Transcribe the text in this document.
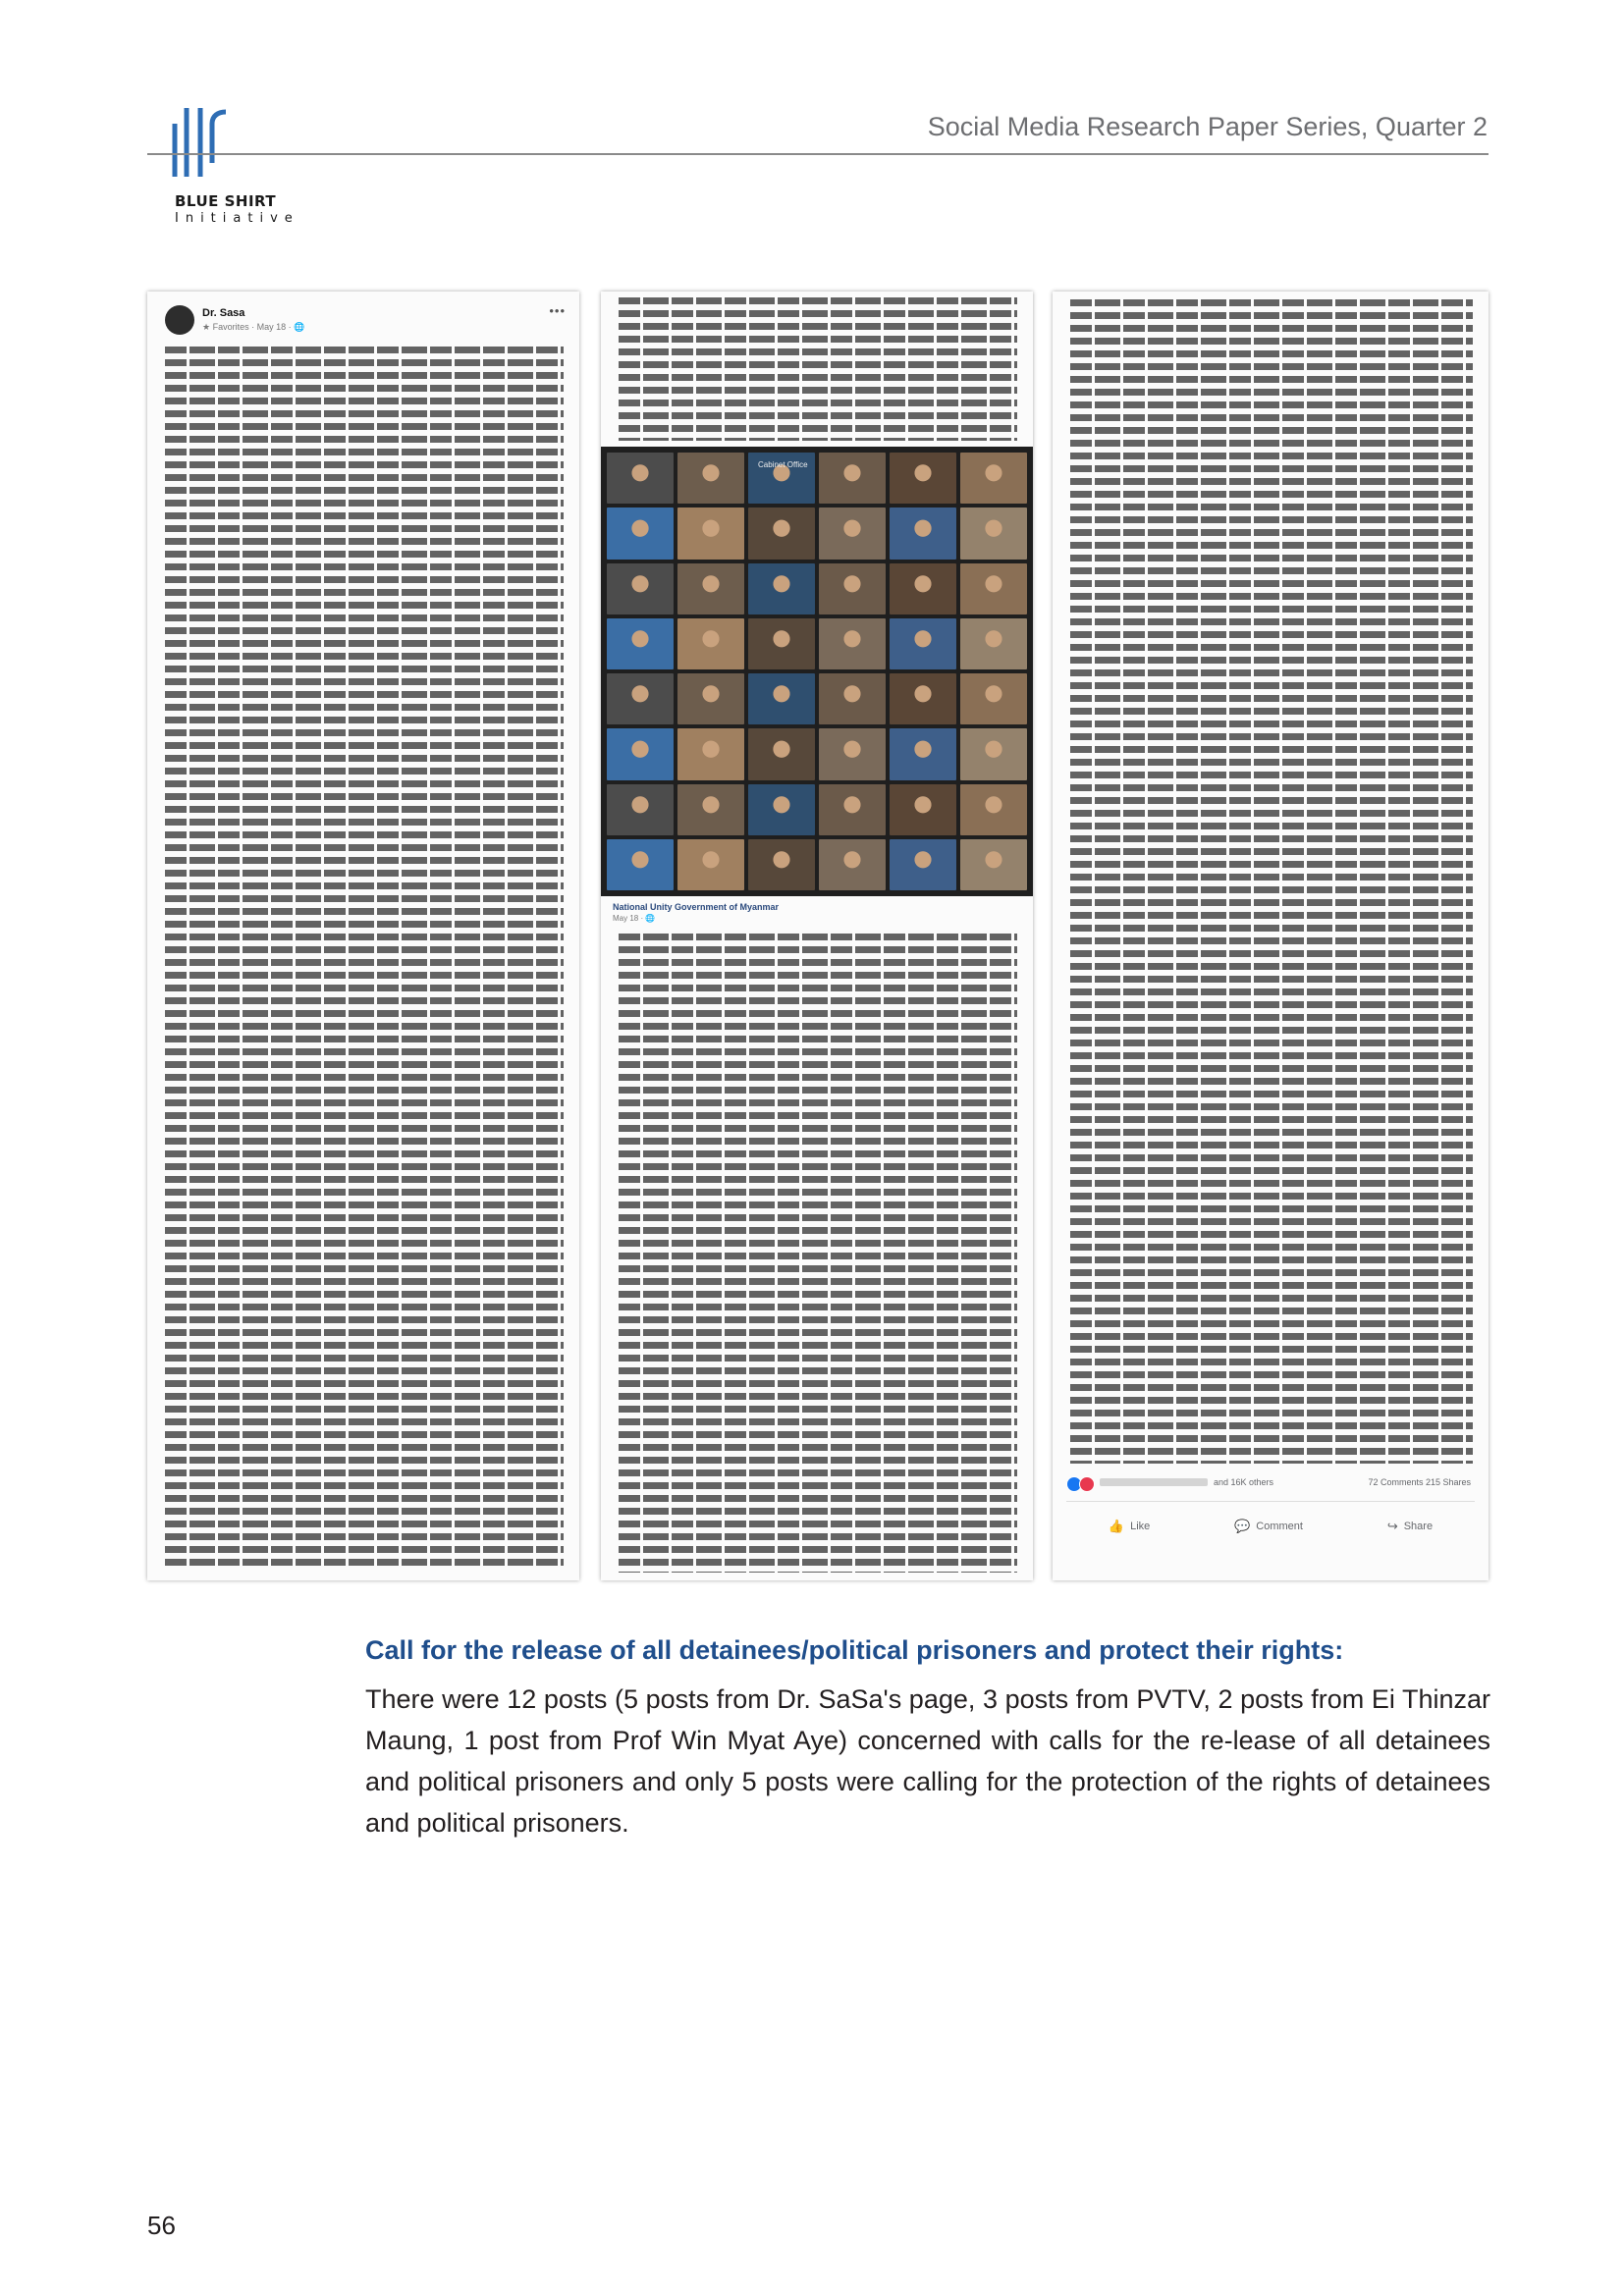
BLUE SHIRT
Initiative
Social Media Research Paper Series, Quarter 2
Dr. Sasa
★ Favorites · May 18 · 🌐
•••
Cabinet Office
National Unity Government of Myanmar
May 18 · 🌐
and 16K others	72 Comments 215 Shares
👍 Like	💬 Comment	↪ Share
Call for the release of all detainees/political prisoners and protect their rights:
There were 12 posts (5 posts from Dr. SaSa's page, 3 posts from PVTV, 2 posts from Ei Thinzar Maung, 1 post from Prof Win Myat Aye) concerned with calls for the re-lease of all detainees and political prisoners and only 5 posts were calling for the protection of the rights of detainees and political prisoners.
56
